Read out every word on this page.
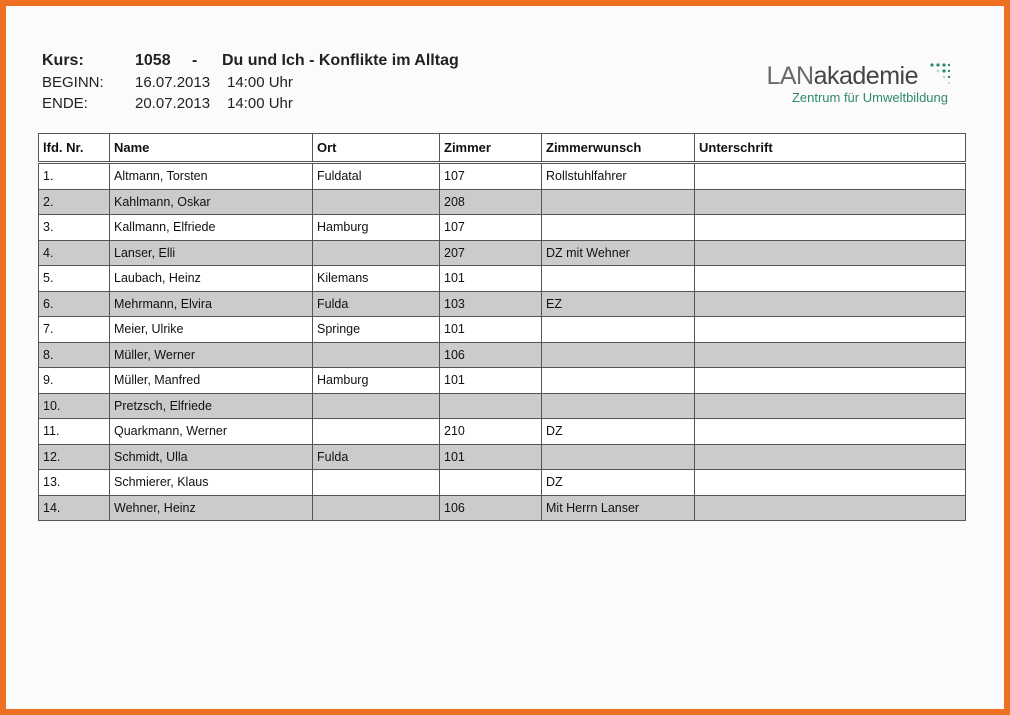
Kurs:	1058	-	Du und Ich - Konflikte im Alltag
BEGINN:	16.07.2013	14:00 Uhr
ENDE:	20.07.2013	14:00 Uhr
LANakademie
Zentrum für Umweltbildung
lfd. Nr.	Name	Ort	Zimmer	Zimmerwunsch	Unterschrift
1.	Altmann, Torsten	Fuldatal	107	Rollstuhlfahrer	
2.	Kahlmann, Oskar		208		
3.	Kallmann, Elfriede	Hamburg	107		
4.	Lanser, Elli		207	DZ mit Wehner	
5.	Laubach, Heinz	Kilemans	101		
6.	Mehrmann, Elvira	Fulda	103	EZ	
7.	Meier, Ulrike	Springe	101		
8.	Müller, Werner		106		
9.	Müller, Manfred	Hamburg	101		
10.	Pretzsch, Elfriede				
11.	Quarkmann, Werner		210	DZ	
12.	Schmidt, Ulla	Fulda	101		
13.	Schmierer, Klaus			DZ	
14.	Wehner, Heinz		106	Mit Herrn Lanser	
